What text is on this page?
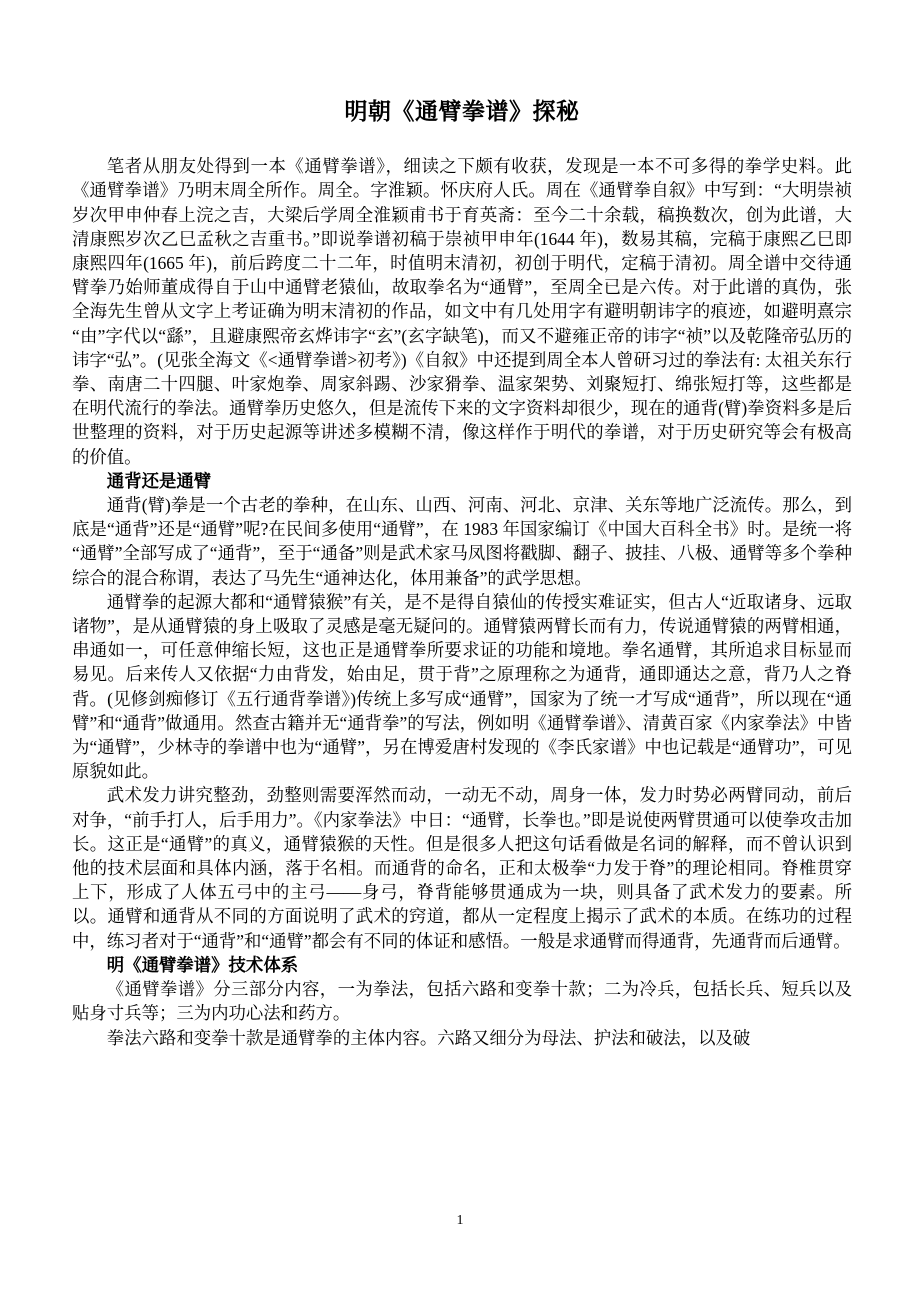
明朝《通臂拳谱》探秘

笔者从朋友处得到一本《通臂拳谱》，细读之下颇有收获，发现是一本不可多得的拳学史料。此《通臂拳谱》乃明末周全所作。周全。字淮颖。怀庆府人氏。周在《通臂拳自叙》中写到：“大明崇祯岁次甲申仲春上浣之吉，大梁后学周全淮颖甫书于育英斋：至今二十余载，稿换数次，创为此谱，大清康熙岁次乙巳孟秋之吉重书。”即说拳谱初稿于崇祯甲申年(1644 年)，数易其稿，完稿于康熙乙巳即康熙四年(1665 年)，前后跨度二十二年，时值明末清初，初创于明代，定稿于清初。周全谱中交待通臂拳乃始师董成得自于山中通臂老猿仙，故取拳名为“通臂”，至周全已是六传。对于此谱的真伪，张全海先生曾从文字上考证确为明末清初的作品，如文中有几处用字有避明朝讳字的痕迹，如避明熹宗“由”字代以“繇”，且避康熙帝玄烨讳字“玄”(玄字缺笔)，而又不避雍正帝的讳字“祯”以及乾隆帝弘历的讳字“弘”。(见张全海文《<通臂拳谱>初考》)《自叙》中还提到周全本人曾研习过的拳法有: 太祖关东行拳、南唐二十四腿、叶家炮拳、周家斜踢、沙家猾拳、温家架势、刘聚短打、绵张短打等，这些都是在明代流行的拳法。通臂拳历史悠久，但是流传下来的文字资料却很少，现在的通背(臂)拳资料多是后世整理的资料，对于历史起源等讲述多模糊不清，像这样作于明代的拳谱，对于历史研究等会有极高的价值。

通背还是通臂

通背(臂)拳是一个古老的拳种，在山东、山西、河南、河北、京津、关东等地广泛流传。那么，到底是“通背”还是“通臂”呢?在民间多使用“通臂”，在 1983 年国家编订《中国大百科全书》时。是统一将“通臂”全部写成了“通背”，至于“通备”则是武术家马凤图将戳脚、翻子、披挂、八极、通臂等多个拳种综合的混合称谓，表达了马先生“通神达化，体用兼备”的武学思想。

通臂拳的起源大都和“通臂猿猴”有关，是不是得自猿仙的传授实难证实，但古人“近取诸身、远取诸物”，是从通臂猿的身上吸取了灵感是毫无疑问的。通臂猿两臂长而有力，传说通臂猿的两臂相通，串通如一，可任意伸缩长短，这也正是通臂拳所要求证的功能和境地。拳名通臂，其所追求目标显而易见。后来传人又依据“力由背发，始由足，贯于背”之原理称之为通背，通即通达之意，背乃人之脊背。(见修剑痴修订《五行通背拳谱》)传统上多写成“通臂”，国家为了统一才写成“通背”，所以现在“通臂”和“通背”做通用。然查古籍并无“通背拳”的写法，例如明《通臂拳谱》、清黄百家《内家拳法》中皆为“通臂”，少林寺的拳谱中也为“通臂”，另在博爱唐村发现的《李氏家谱》中也记载是“通臂功”，可见原貌如此。

武术发力讲究整劲，劲整则需要浑然而动，一动无不动，周身一体，发力时势必两臂同动，前后对争，“前手打人，后手用力”。《内家拳法》中日：“通臂，长拳也。”即是说使两臂贯通可以使拳攻击加长。这正是“通臂”的真义，通臂猿猴的天性。但是很多人把这句话看做是名词的解释，而不曾认识到他的技术层面和具体内涵，落于名相。而通背的命名，正和太极拳“力发于脊”的理论相同。脊椎贯穿上下，形成了人体五弓中的主弓——身弓，脊背能够贯通成为一块，则具备了武术发力的要素。所以。通臂和通背从不同的方面说明了武术的窍道，都从一定程度上揭示了武术的本质。在练功的过程中，练习者对于“通背”和“通臂”都会有不同的体证和感悟。一般是求通臂而得通背，先通背而后通臂。

明《通臂拳谱》技术体系

《通臂拳谱》分三部分内容，一为拳法，包括六路和变拳十款；二为冷兵，包括长兵、短兵以及贴身寸兵等；三为内功心法和药方。

拳法六路和变拳十款是通臂拳的主体内容。六路又细分为母法、护法和破法，以及破

1
